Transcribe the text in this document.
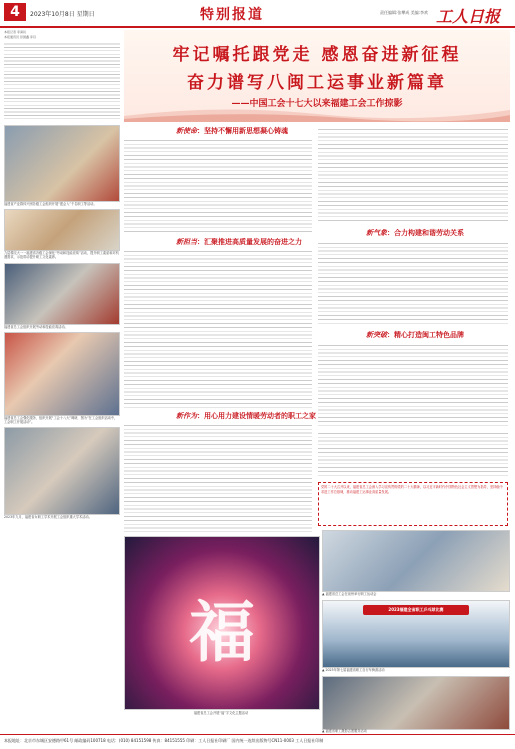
4	2023年10月8日 星期日	特别报道	责任编辑:张攀成 美编:李欢 工人日报
本报记者 李润钊
本报通讯员 彭国鑫 李丹
福建省产业群体兴困各级工会组织开展“建会入”千名职工等活动。
九层梯交大一一福建省各级工会深化“劳动和技能竞赛”活动，提升职工素质和对机遇需求，示范带动提升职工文化素养。
福建省总工会组织开展劳动和技能竞赛活动。
福建省总工会强化服务，组织开展“工会十八大”调研，图为“在工会组织活动中，工会职工开展活动”。
2023年九月，福建省女职工学术开展工会组织重大学术活动。
牢记嘱托跟党走 感恩奋进新征程
奋力谱写八闽工运事业新篇章
——中国工会十七大以来福建工会工作掠影
新使命：坚持不懈用新思想凝心铸魂
新担当：汇聚推进高质量发展的奋进之力
新作为：用心用力建设情暖劳动者的职工之家
新气象：合力构建和谐劳动关系
新突破：精心打造闽工特色品牌
党的二十大召开以来，福建省总工会深入学习宣传贯彻党的二十大精神，以习近平新时代中国特色社会主义思想为指导，坚持稳中求进工作总基调，推动福建工运事业高质量发展。
福
福建省总工会开展“福”字文化主题活动
▲ 福建省总工会在泉州举行职工运动会
2023福建全省职工乒乓球比赛
▲ 2023年第七届福建省职工自行车骑游活动
▲ 福建省职工摄影志愿服务活动
本报地址：北京市东城区安德路甲61号 邮政编码100718 电话：(010) 84151598 传真：84151555 印刷：工人日报社印刷厂 国内统一连续出版物号CN11-0003 工人日报社印制
